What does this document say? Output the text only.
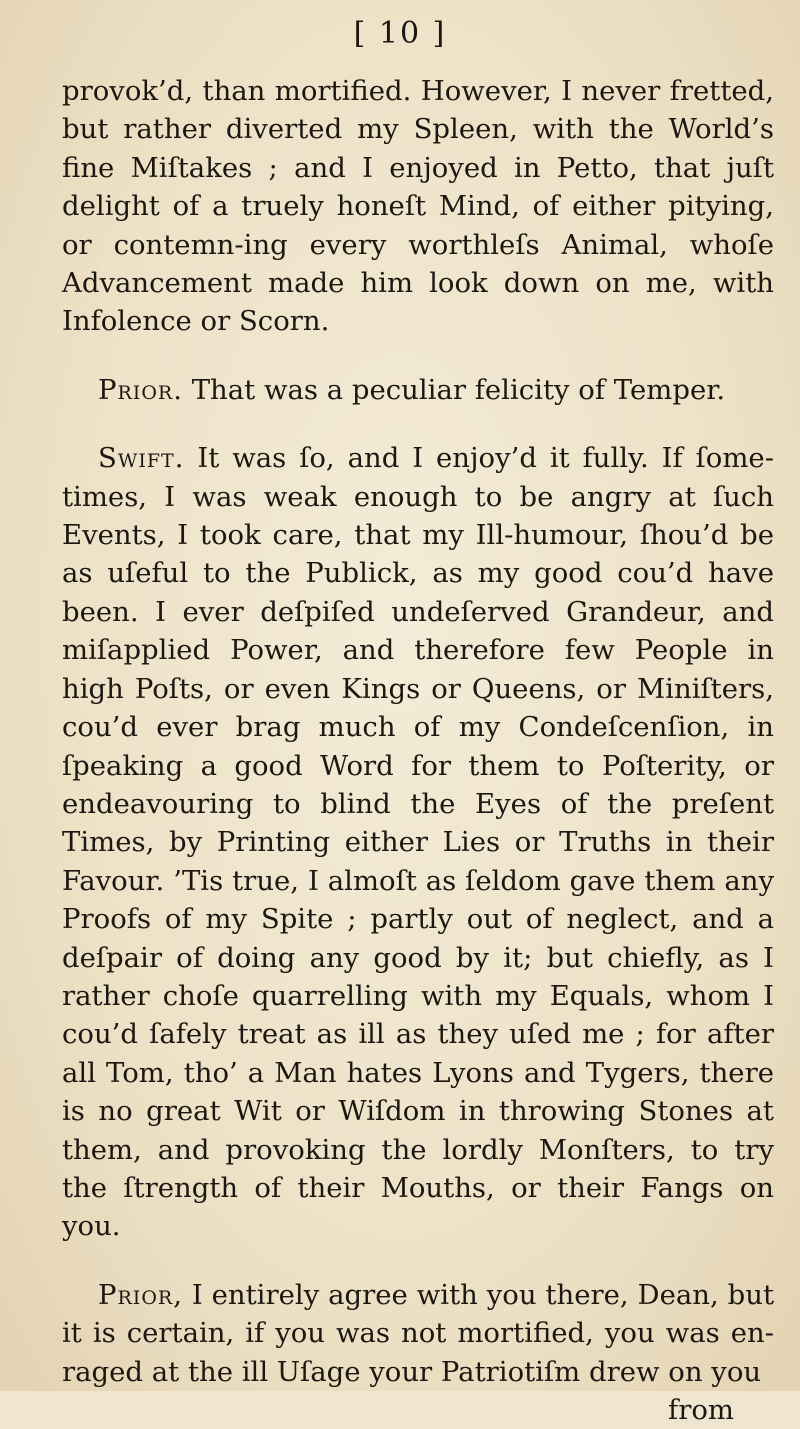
[ 10 ]

provok’d, than mortified. However, I never fretted, but rather diverted my Spleen, with the World’s fine Miſtakes ; and I enjoyed in Petto, that juſt delight of a truely honeſt Mind, of either pitying, or contemn-ing every worthleſs Animal, whoſe Advancement made him look down on me, with Infolence or Scorn.

Prior. That was a peculiar felicity of Temper.

Swift. It was ſo, and I enjoy’d it fully. If ſome-times, I was weak enough to be angry at ſuch Events, I took care, that my Ill-humour, ſhou’d be as uſeful to the Publick, as my good cou’d have been. I ever deſpiſed undeſerved Grandeur, and miſapplied Power, and therefore few People in high Poſts, or even Kings or Queens, or Miniſters, cou’d ever brag much of my Condeſcenſion, in ſpeaking a good Word for them to Poſterity, or endeavouring to blind the Eyes of the preſent Times, by Printing either Lies or Truths in their Favour. ’Tis true, I almoſt as ſeldom gave them any Proofs of my Spite ; partly out of neglect, and a deſpair of doing any good by it; but chiefly, as I rather choſe quarrelling with my Equals, whom I cou’d ſafely treat as ill as they uſed me ; for after all Tom, tho’ a Man hates Lyons and Tygers, there is no great Wit or Wiſdom in throwing Stones at them, and provoking the lordly Monſters, to try the ſtrength of their Mouths, or their Fangs on you.

Prior, I entirely agree with you there, Dean, but it is certain, if you was not mortified, you was en-raged at the ill Uſage your Patriotiſm drew on you

from
